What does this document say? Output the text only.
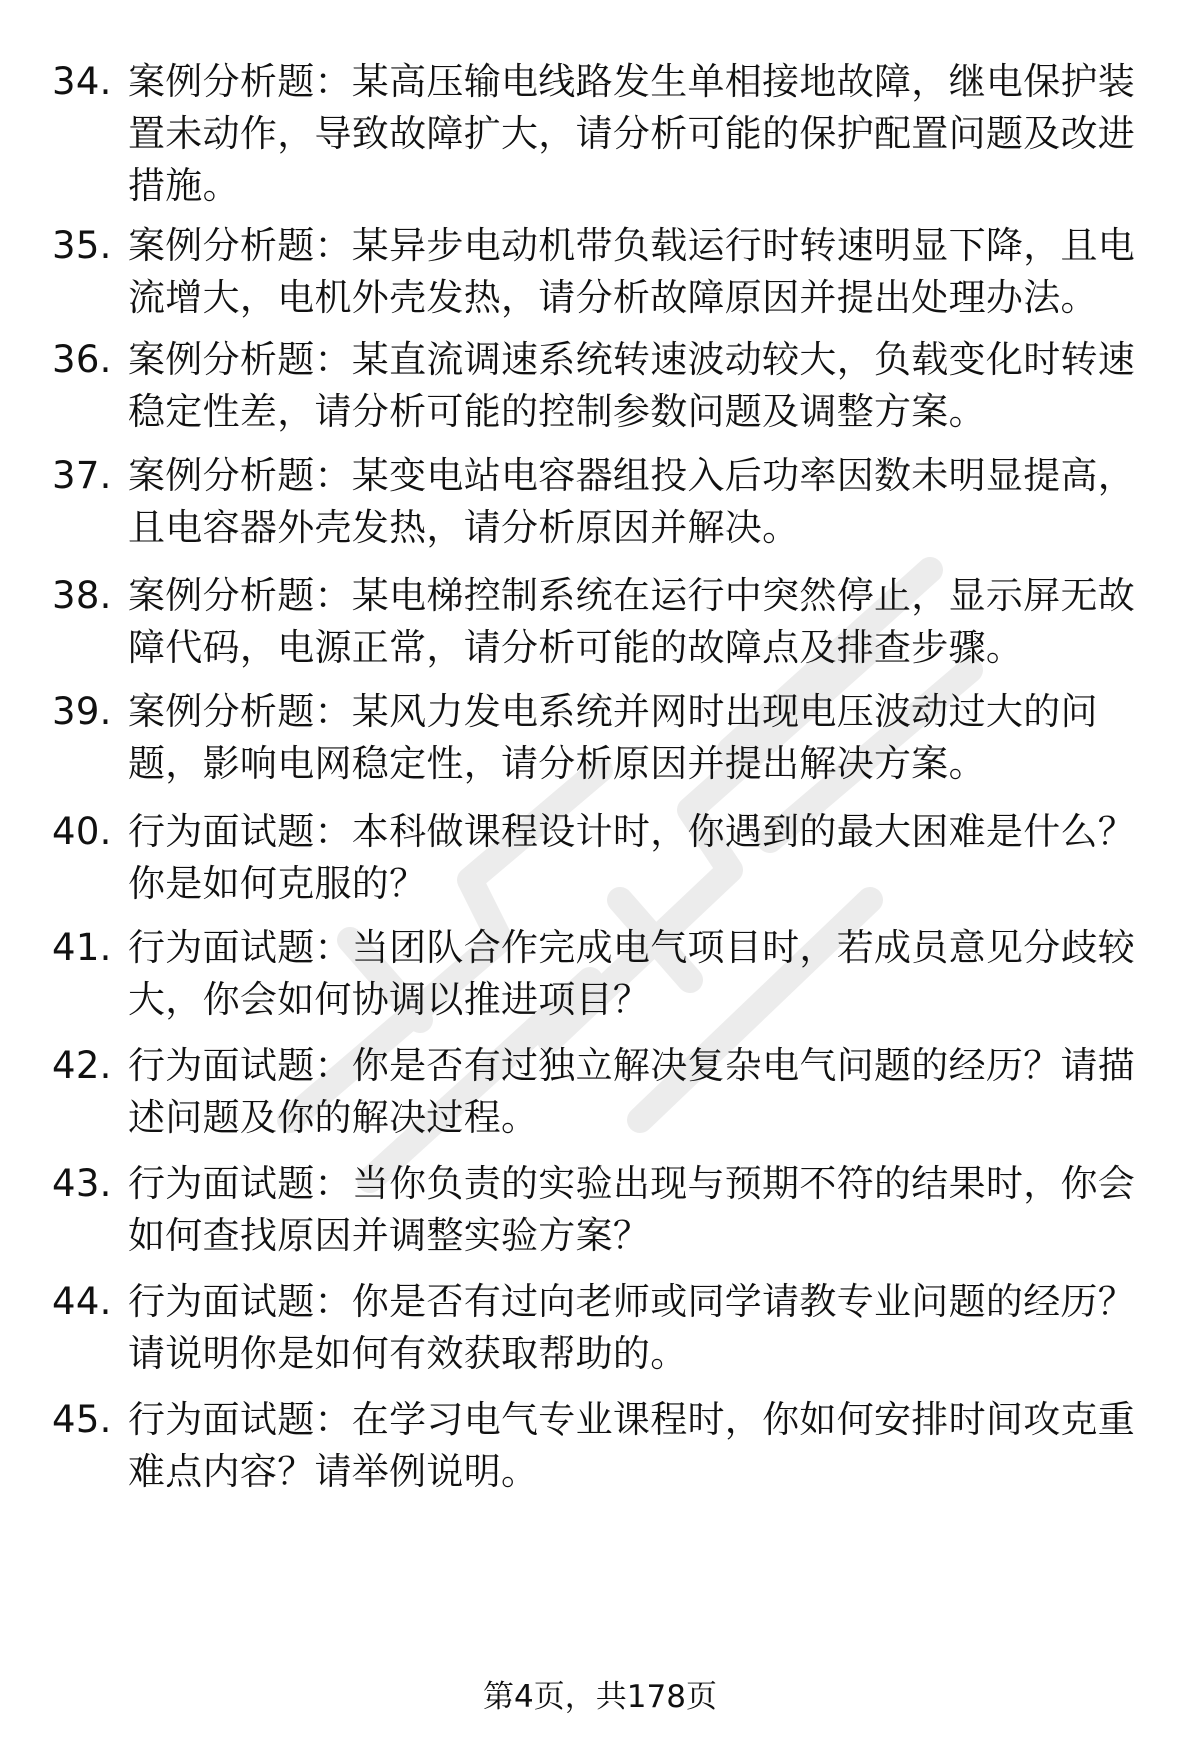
34. 案例分析题：某高压输电线路发生单相接地故障，继电保护装置未动作，导致故障扩大，请分析可能的保护配置问题及改进措施。
35. 案例分析题：某异步电动机带负载运行时转速明显下降，且电流增大，电机外壳发热，请分析故障原因并提出处理办法。
36. 案例分析题：某直流调速系统转速波动较大，负载变化时转速稳定性差，请分析可能的控制参数问题及调整方案。
37. 案例分析题：某变电站电容器组投入后功率因数未明显提高，且电容器外壳发热，请分析原因并解决。
38. 案例分析题：某电梯控制系统在运行中突然停止，显示屏无故障代码，电源正常，请分析可能的故障点及排查步骤。
39. 案例分析题：某风力发电系统并网时出现电压波动过大的问题，影响电网稳定性，请分析原因并提出解决方案。
40. 行为面试题：本科做课程设计时，你遇到的最大困难是什么？你是如何克服的？
41. 行为面试题：当团队合作完成电气项目时，若成员意见分歧较大，你会如何协调以推进项目？
42. 行为面试题：你是否有过独立解决复杂电气问题的经历？请描述问题及你的解决过程。
43. 行为面试题：当你负责的实验出现与预期不符的结果时，你会如何查找原因并调整实验方案？
44. 行为面试题：你是否有过向老师或同学请教专业问题的经历？请说明你是如何有效获取帮助的。
45. 行为面试题：在学习电气专业课程时，你如何安排时间攻克重难点内容？请举例说明。
第4页，共178页
